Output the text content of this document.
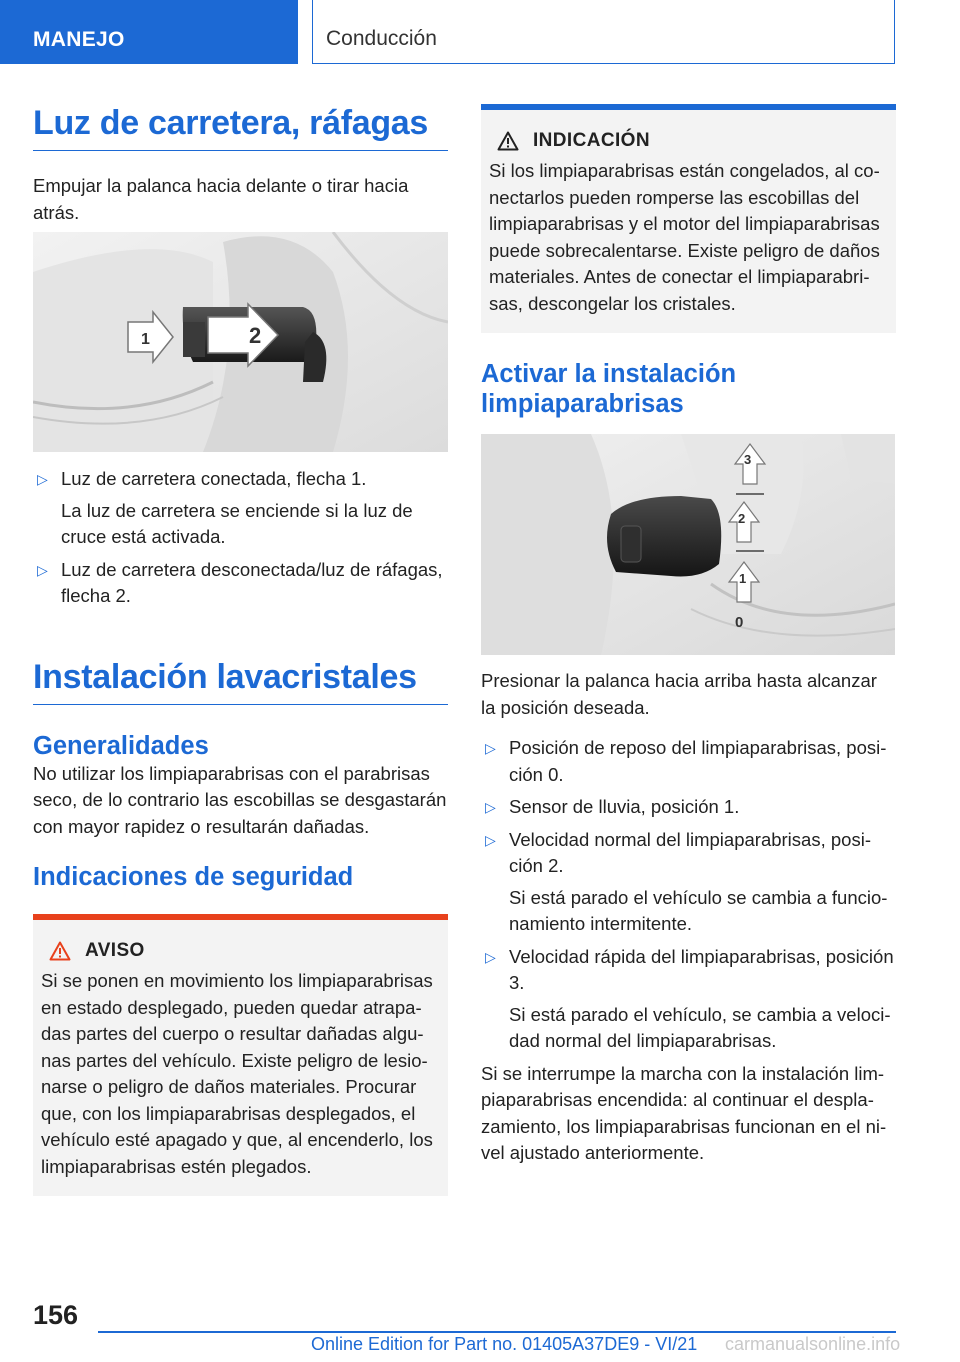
MANEJO	Conducción
Luz de carretera, ráfagas
Empujar la palanca hacia delante o tirar hacia atrás.
1	2
▷ Luz de carretera conectada, flecha 1.
La luz de carretera se enciende si la luz de cruce está activada.
▷ Luz de carretera desconectada/luz de ráfagas, flecha 2.
Instalación lavacristales
Generalidades
No utilizar los limpiaparabrisas con el parabrisas seco, de lo contrario las escobillas se desgastarán con mayor rapidez o resultarán dañadas.
Indicaciones de seguridad
AVISO
Si se ponen en movimiento los limpiaparabrisas en estado desplegado, pueden quedar atrapadas partes del cuerpo o resultar dañadas algunas partes del vehículo. Existe peligro de lesionarse o peligro de daños materiales. Procurar que, con los limpiaparabrisas desplegados, el vehículo esté apagado y que, al encenderlo, los limpiaparabrisas estén plegados.
INDICACIÓN
Si los limpiaparabrisas están congelados, al conectarlos pueden romperse las escobillas del limpiaparabrisas y el motor del limpiaparabrisas puede sobrecalentarse. Existe peligro de daños materiales. Antes de conectar el limpiaparabrisas, descongelar los cristales.
Activar la instalación limpiaparabrisas
3
2
1
0
Presionar la palanca hacia arriba hasta alcanzar la posición deseada.
▷ Posición de reposo del limpiaparabrisas, posición 0.
▷ Sensor de lluvia, posición 1.
▷ Velocidad normal del limpiaparabrisas, posición 2.
Si está parado el vehículo se cambia a funcionamiento intermitente.
▷ Velocidad rápida del limpiaparabrisas, posición 3.
Si está parado el vehículo, se cambia a velocidad normal del limpiaparabrisas.
Si se interrumpe la marcha con la instalación limpiaparabrisas encendida: al continuar el desplazamiento, los limpiaparabrisas funcionan en el nivel ajustado anteriormente.
156
Online Edition for Part no. 01405A37DE9 - VI/21 carmanualsonline.info
